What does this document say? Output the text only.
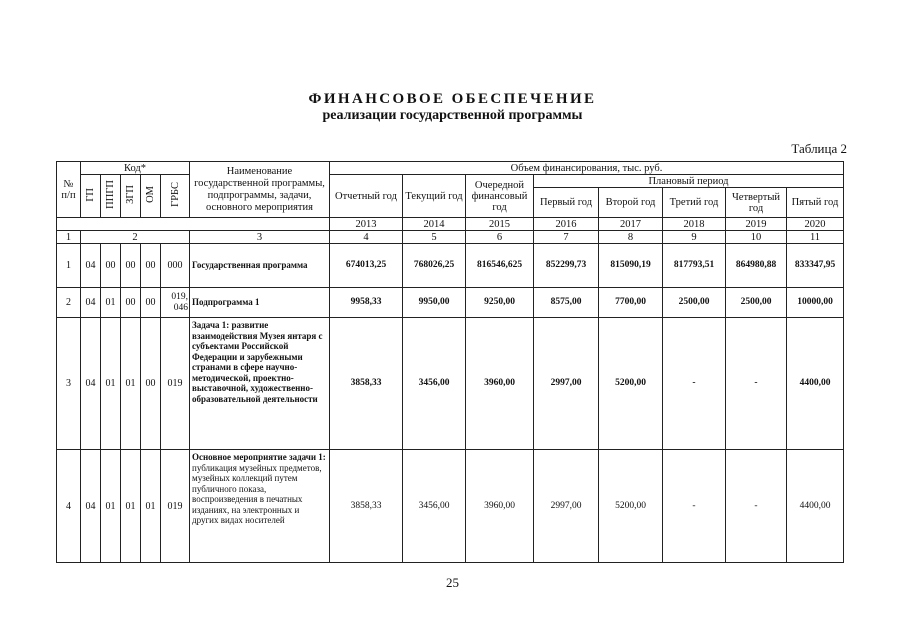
ФИНАНСОВОЕ ОБЕСПЕЧЕНИЕ
реализации государственной программы
Таблица 2
№ п/п	Код*					Наименование государственной программы, подпрограммы, задачи, основного мероприятия	Объем финансирования, тыс. руб.							
	ГП	ППГП	ЗГП	ОМ	ГРБС		Отчетный год	Текущий год	Очередной финансовый год	Плановый период				
										Первый год	Второй год	Третий год	Четвертый год	Пятый год
							2013	2014	2015	2016	2017	2018	2019	2020
1	2					3	4	5	6	7	8	9	10	11
1	04	00	00	00	000	Государственная программа	674013,25	768026,25	816546,625	852299,73	815090,19	817793,51	864980,88	833347,95
2	04	01	00	00	019, 046	Подпрограмма 1	9958,33	9950,00	9250,00	8575,00	7700,00	2500,00	2500,00	10000,00
3	04	01	01	00	019	Задача 1: развитие взаимодействия Музея янтаря с субъектами Российской Федерации и зарубежными странами в сфере научно-методической, проектно-выставочной, художественно-образовательной деятельности	3858,33	3456,00	3960,00	2997,00	5200,00	-	-	4400,00
4	04	01	01	01	019	Основное мероприятие задачи 1: публикация музейных предметов, музейных коллекций путем публичного показа, воспроизведения в печатных изданиях, на электронных и других видах носителей	3858,33	3456,00	3960,00	2997,00	5200,00	-	-	4400,00
25
